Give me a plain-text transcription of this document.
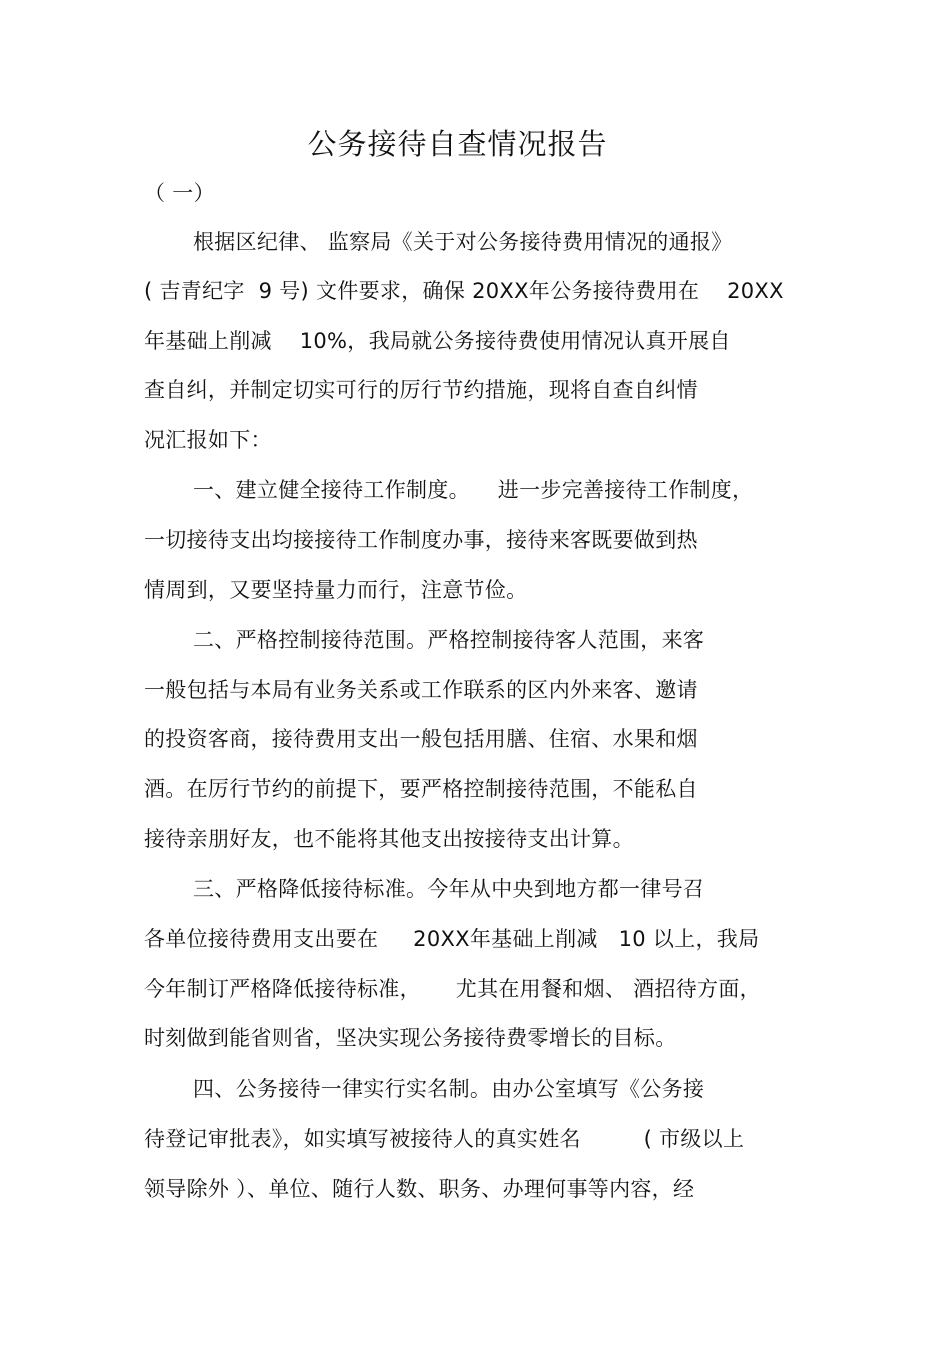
公务接待自查情况报告
（ 一）
根据区纪律、 监察局《关于对公务接待费用情况的通报》
( 吉青纪字  9 号) 文件要求，确保 20XX年公务接待费用在    20XX
年基础上削减    10%，我局就公务接待费使用情况认真开展自
查自纠，并制定切实可行的厉行节约措施，现将自查自纠情
况汇报如下：
一、建立健全接待工作制度。    进一步完善接待工作制度，
一切接待支出均接接待工作制度办事，接待来客既要做到热
情周到，又要坚持量力而行，注意节俭。
二、严格控制接待范围。严格控制接待客人范围，来客
一般包括与本局有业务关系或工作联系的区内外来客、邀请
的投资客商，接待费用支出一般包括用膳、住宿、水果和烟
酒。在厉行节约的前提下，要严格控制接待范围，不能私自
接待亲朋好友，也不能将其他支出按接待支出计算。
三、严格降低接待标准。今年从中央到地方都一律号召
各单位接待费用支出要在     20XX年基础上削减   10 以上，我局
今年制订严格降低接待标准，     尤其在用餐和烟、 酒招待方面，
时刻做到能省则省，坚决实现公务接待费零增长的目标。
四、公务接待一律实行实名制。由办公室填写《公务接
待登记审批表》，如实填写被接待人的真实姓名         ( 市级以上
领导除外 ）、单位、随行人数、职务、办理何事等内容，经
